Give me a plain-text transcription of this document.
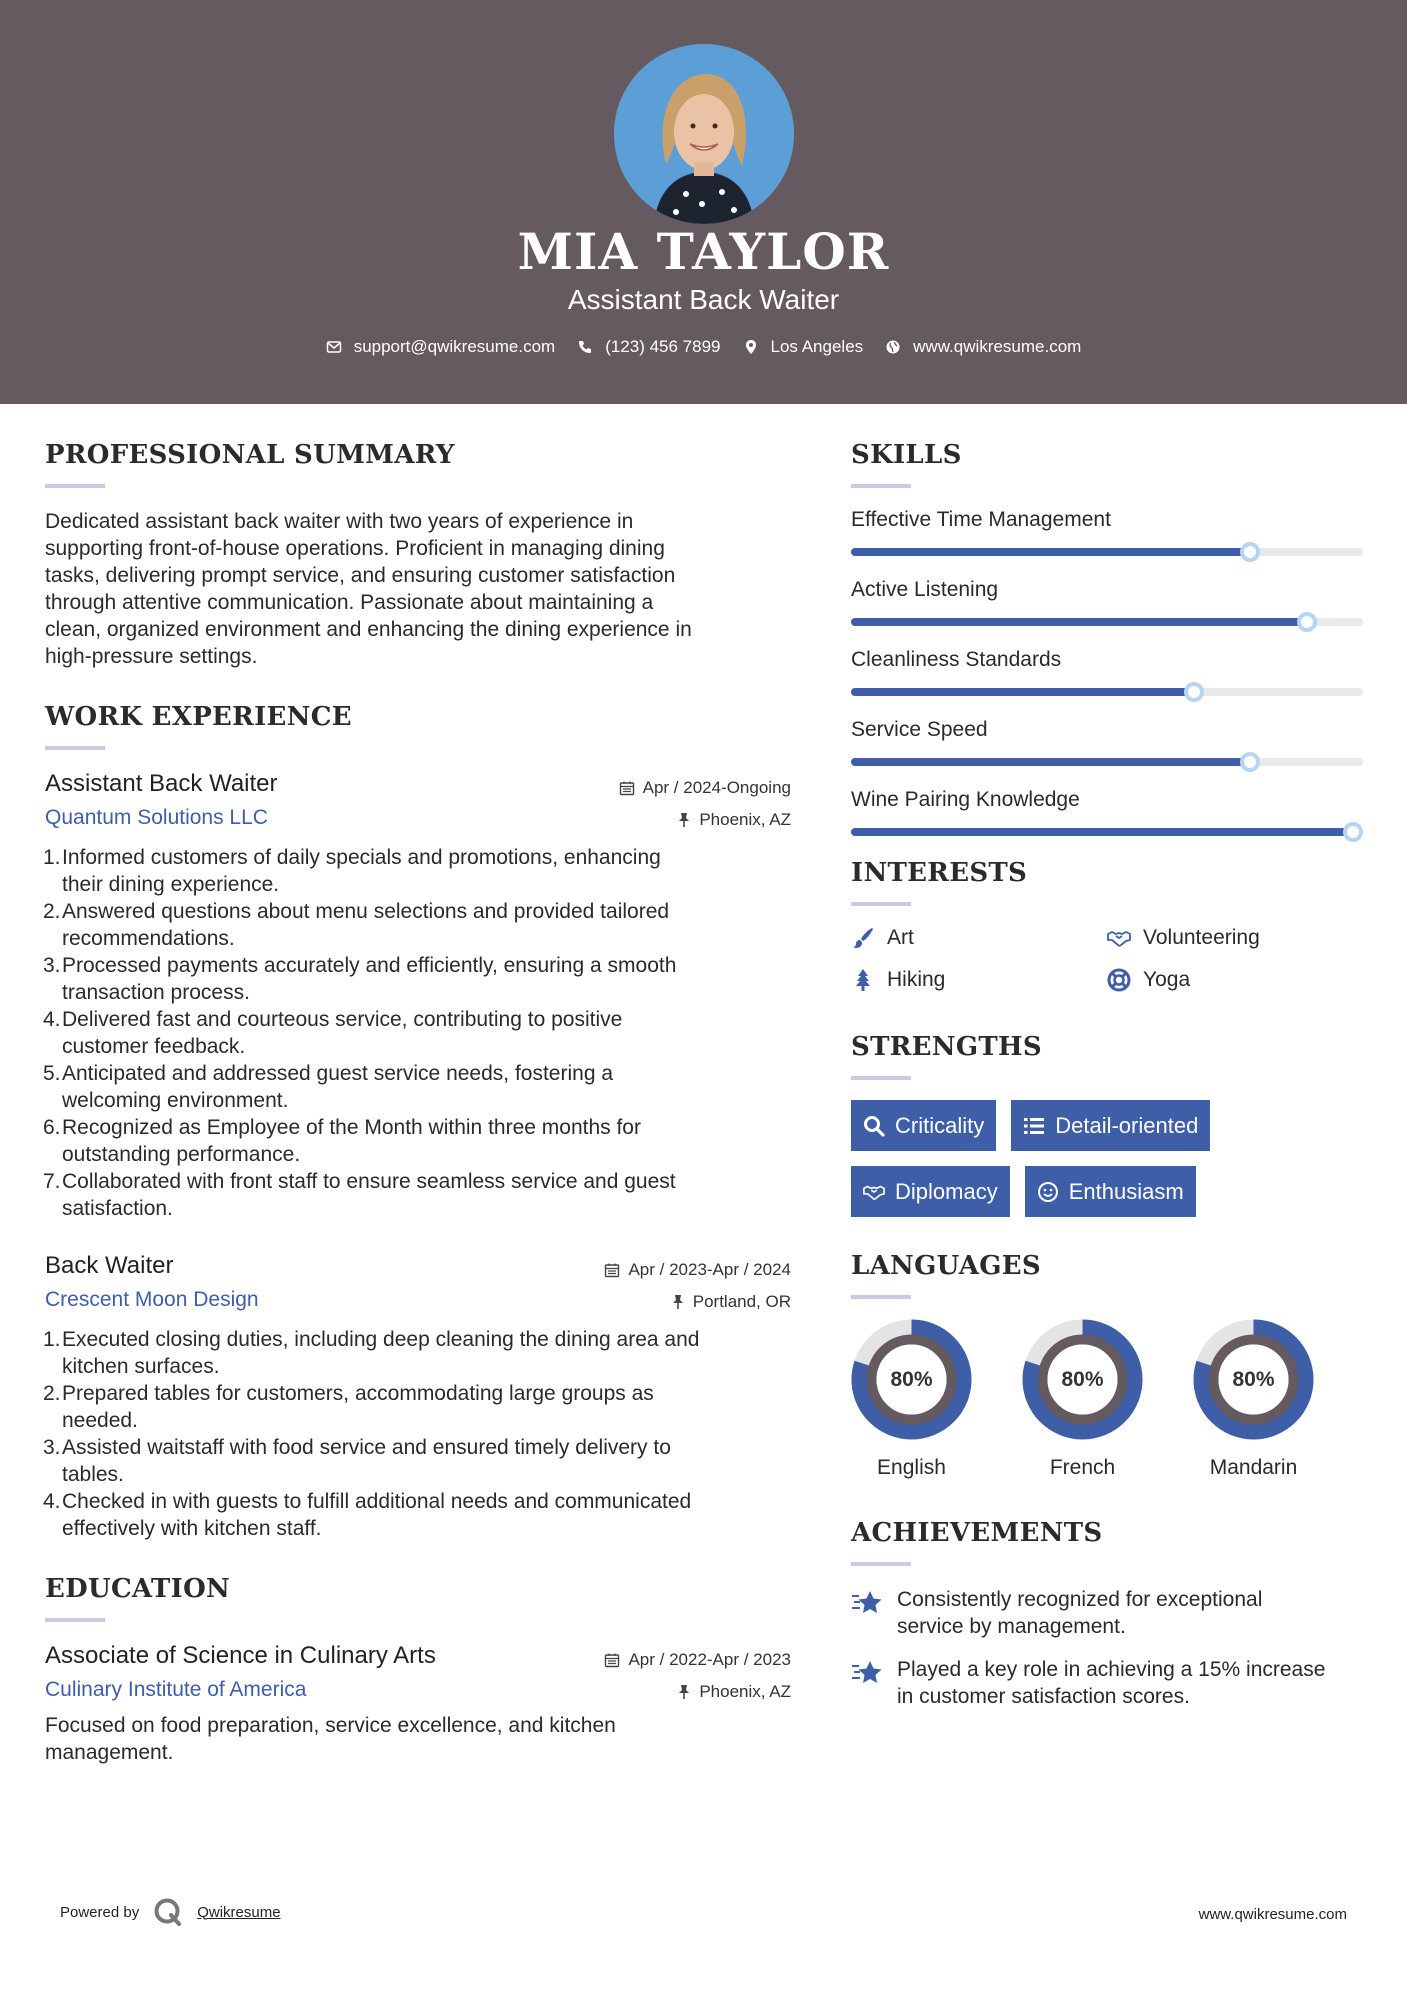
MIA TAYLOR
Assistant Back Waiter
support@qwikresume.com	(123) 456 7899	Los Angeles	www.qwikresume.com
PROFESSIONAL SUMMARY
Dedicated assistant back waiter with two years of experience in
supporting front-of-house operations. Proficient in managing dining
tasks, delivering prompt service, and ensuring customer satisfaction
through attentive communication. Passionate about maintaining a
clean, organized environment and enhancing the dining experience in
high-pressure settings.
WORK EXPERIENCE
Assistant Back Waiter	Apr / 2024-Ongoing
Quantum Solutions LLC	Phoenix, AZ
1. Informed customers of daily specials and promotions, enhancing
their dining experience.
2. Answered questions about menu selections and provided tailored
recommendations.
3. Processed payments accurately and efficiently, ensuring a smooth
transaction process.
4. Delivered fast and courteous service, contributing to positive
customer feedback.
5. Anticipated and addressed guest service needs, fostering a
welcoming environment.
6. Recognized as Employee of the Month within three months for
outstanding performance.
7. Collaborated with front staff to ensure seamless service and guest
satisfaction.
Back Waiter	Apr / 2023-Apr / 2024
Crescent Moon Design	Portland, OR
1. Executed closing duties, including deep cleaning the dining area and
kitchen surfaces.
2. Prepared tables for customers, accommodating large groups as
needed.
3. Assisted waitstaff with food service and ensured timely delivery to
tables.
4. Checked in with guests to fulfill additional needs and communicated
effectively with kitchen staff.
EDUCATION
Associate of Science in Culinary Arts	Apr / 2022-Apr / 2023
Culinary Institute of America	Phoenix, AZ
Focused on food preparation, service excellence, and kitchen
management.
SKILLS
Effective Time Management
Active Listening
Cleanliness Standards
Service Speed
Wine Pairing Knowledge
INTERESTS
Art	Volunteering
Hiking	Yoga
STRENGTHS
Criticality	Detail-oriented
Diplomacy	Enthusiasm
LANGUAGES
80%
English
80%
French
80%
Mandarin
ACHIEVEMENTS
Consistently recognized for exceptional
service by management.
Played a key role in achieving a 15% increase
in customer satisfaction scores.
Powered by	Qwikresume	www.qwikresume.com
